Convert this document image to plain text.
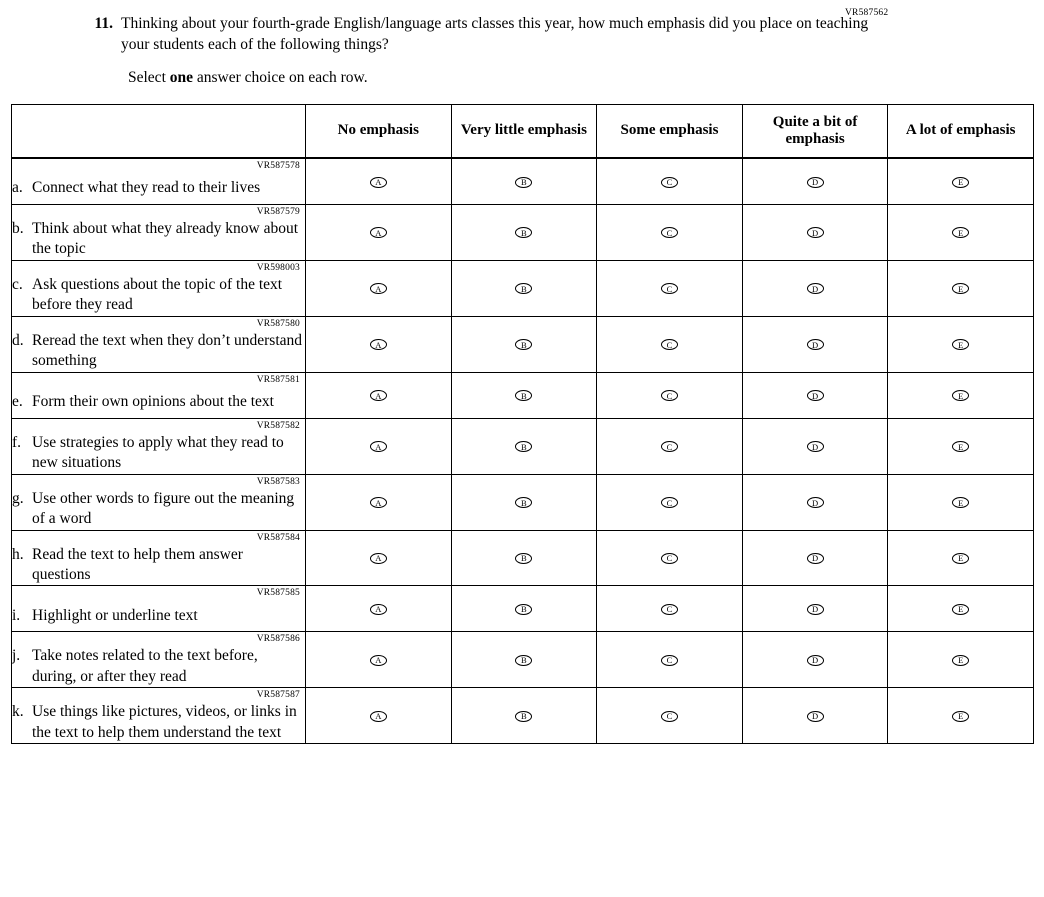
VR587562
11. Thinking about your fourth-grade English/language arts classes this year, how much emphasis did you place on teaching your students each of the following things?
Select one answer choice on each row.
	No emphasis	Very little emphasis	Some emphasis	Quite a bit of emphasis	A lot of emphasis

VR587578
a. Connect what they read to their lives	A	B	C	D	E

VR587579
b. Think about what they already know about the topic	A	B	C	D	E

VR598003
c. Ask questions about the topic of the text before they read	A	B	C	D	E

VR587580
d. Reread the text when they don’t understand something	A	B	C	D	E

VR587581
e. Form their own opinions about the text	A	B	C	D	E

VR587582
f. Use strategies to apply what they read to new situations	A	B	C	D	E

VR587583
g. Use other words to figure out the meaning of a word	A	B	C	D	E

VR587584
h. Read the text to help them answer questions	A	B	C	D	E

VR587585
i. Highlight or underline text	A	B	C	D	E

VR587586
j. Take notes related to the text before, during, or after they read	A	B	C	D	E

VR587587
k. Use things like pictures, videos, or links in the text to help them understand the text	A	B	C	D	E
